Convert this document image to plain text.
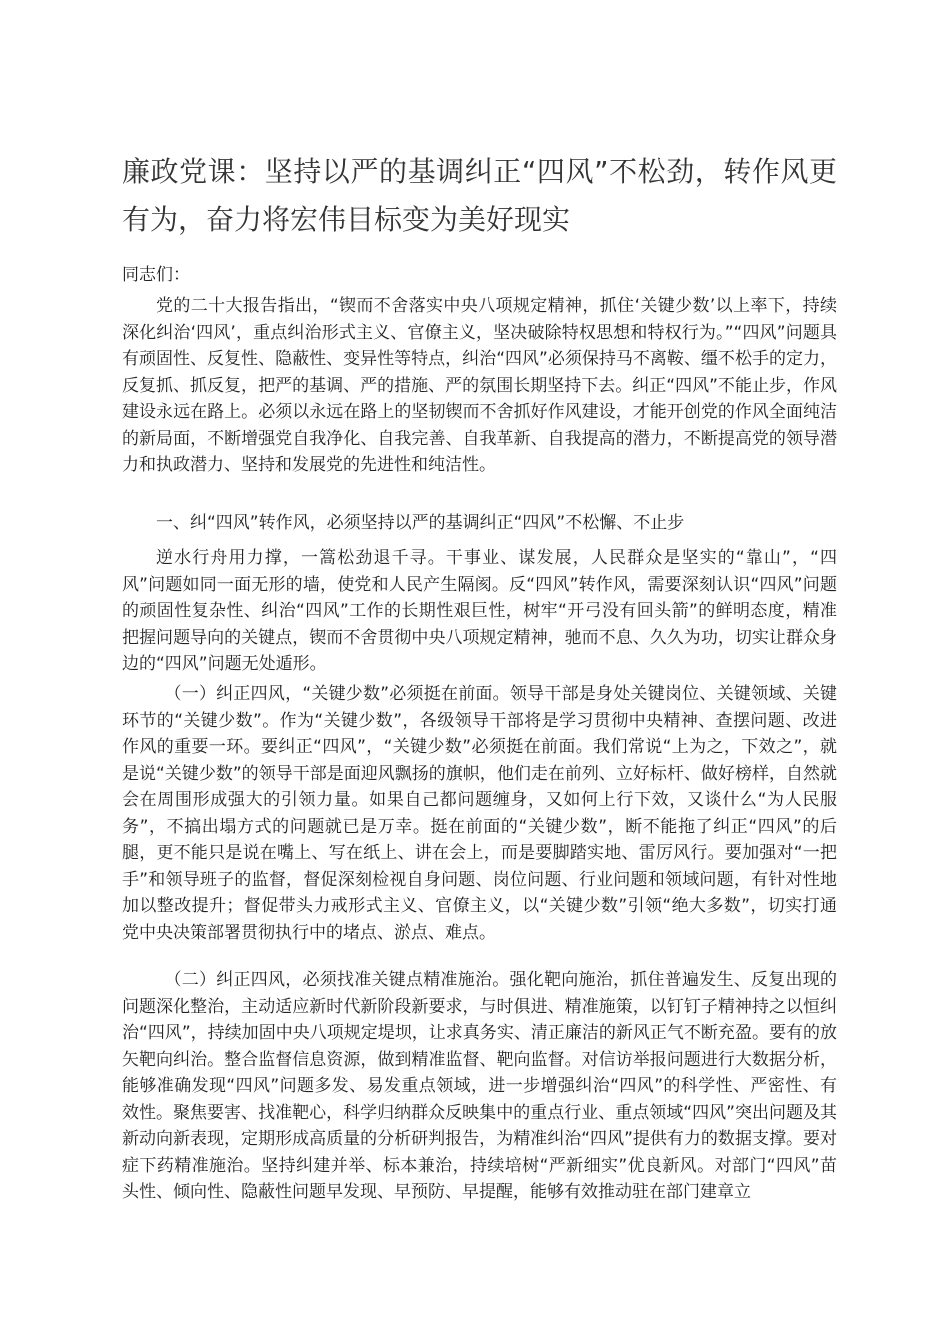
廉政党课：坚持以严的基调纠正“四风”不松劲，转作风更有为，奋力将宏伟目标变为美好现实

同志们：

党的二十大报告指出，“锲而不舍落实中央八项规定精神，抓住‘关键少数’以上率下，持续深化纠治‘四风’，重点纠治形式主义、官僚主义，坚决破除特权思想和特权行为。”“四风”问题具有顽固性、反复性、隐蔽性、变异性等特点，纠治“四风”必须保持马不离鞍、缰不松手的定力，反复抓、抓反复，把严的基调、严的措施、严的氛围长期坚持下去。纠正“四风”不能止步，作风建设永远在路上。必须以永远在路上的坚韧锲而不舍抓好作风建设，才能开创党的作风全面纯洁的新局面，不断增强党自我净化、自我完善、自我革新、自我提高的潜力，不断提高党的领导潜力和执政潜力、坚持和发展党的先进性和纯洁性。

一、纠“四风”转作风，必须坚持以严的基调纠正“四风”不松懈、不止步

逆水行舟用力撑，一篙松劲退千寻。干事业、谋发展，人民群众是坚实的“靠山”，“四风”问题如同一面无形的墙，使党和人民产生隔阂。反“四风”转作风，需要深刻认识“四风”问题的顽固性复杂性、纠治“四风”工作的长期性艰巨性，树牢“开弓没有回头箭”的鲜明态度，精准把握问题导向的关键点，锲而不舍贯彻中央八项规定精神，驰而不息、久久为功，切实让群众身边的“四风”问题无处遁形。

（一）纠正四风，“关键少数”必须挺在前面。领导干部是身处关键岗位、关键领域、关键环节的“关键少数”。作为“关键少数”，各级领导干部将是学习贯彻中央精神、查摆问题、改进作风的重要一环。要纠正“四风”，“关键少数”必须挺在前面。我们常说“上为之，下效之”，就是说“关键少数”的领导干部是面迎风飘扬的旗帜，他们走在前列、立好标杆、做好榜样，自然就会在周围形成强大的引领力量。如果自己都问题缠身，又如何上行下效，又谈什么“为人民服务”，不搞出塌方式的问题就已是万幸。挺在前面的“关键少数”，断不能拖了纠正“四风”的后腿，更不能只是说在嘴上、写在纸上、讲在会上，而是要脚踏实地、雷厉风行。要加强对“一把手”和领导班子的监督，督促深刻检视自身问题、岗位问题、行业问题和领域问题，有针对性地加以整改提升；督促带头力戒形式主义、官僚主义，以“关键少数”引领“绝大多数”，切实打通党中央决策部署贯彻执行中的堵点、淤点、难点。

（二）纠正四风，必须找准关键点精准施治。强化靶向施治，抓住普遍发生、反复出现的问题深化整治，主动适应新时代新阶段新要求，与时俱进、精准施策，以钉钉子精神持之以恒纠治“四风”，持续加固中央八项规定堤坝，让求真务实、清正廉洁的新风正气不断充盈。要有的放矢靶向纠治。整合监督信息资源，做到精准监督、靶向监督。对信访举报问题进行大数据分析，能够准确发现“四风”问题多发、易发重点领域，进一步增强纠治“四风”的科学性、严密性、有效性。聚焦要害、找准靶心，科学归纳群众反映集中的重点行业、重点领域“四风”突出问题及其新动向新表现，定期形成高质量的分析研判报告，为精准纠治“四风”提供有力的数据支撑。要对症下药精准施治。坚持纠建并举、标本兼治，持续培树“严新细实”优良新风。对部门“四风”苗头性、倾向性、隐蔽性问题早发现、早预防、早提醒，能够有效推动驻在部门建章立
